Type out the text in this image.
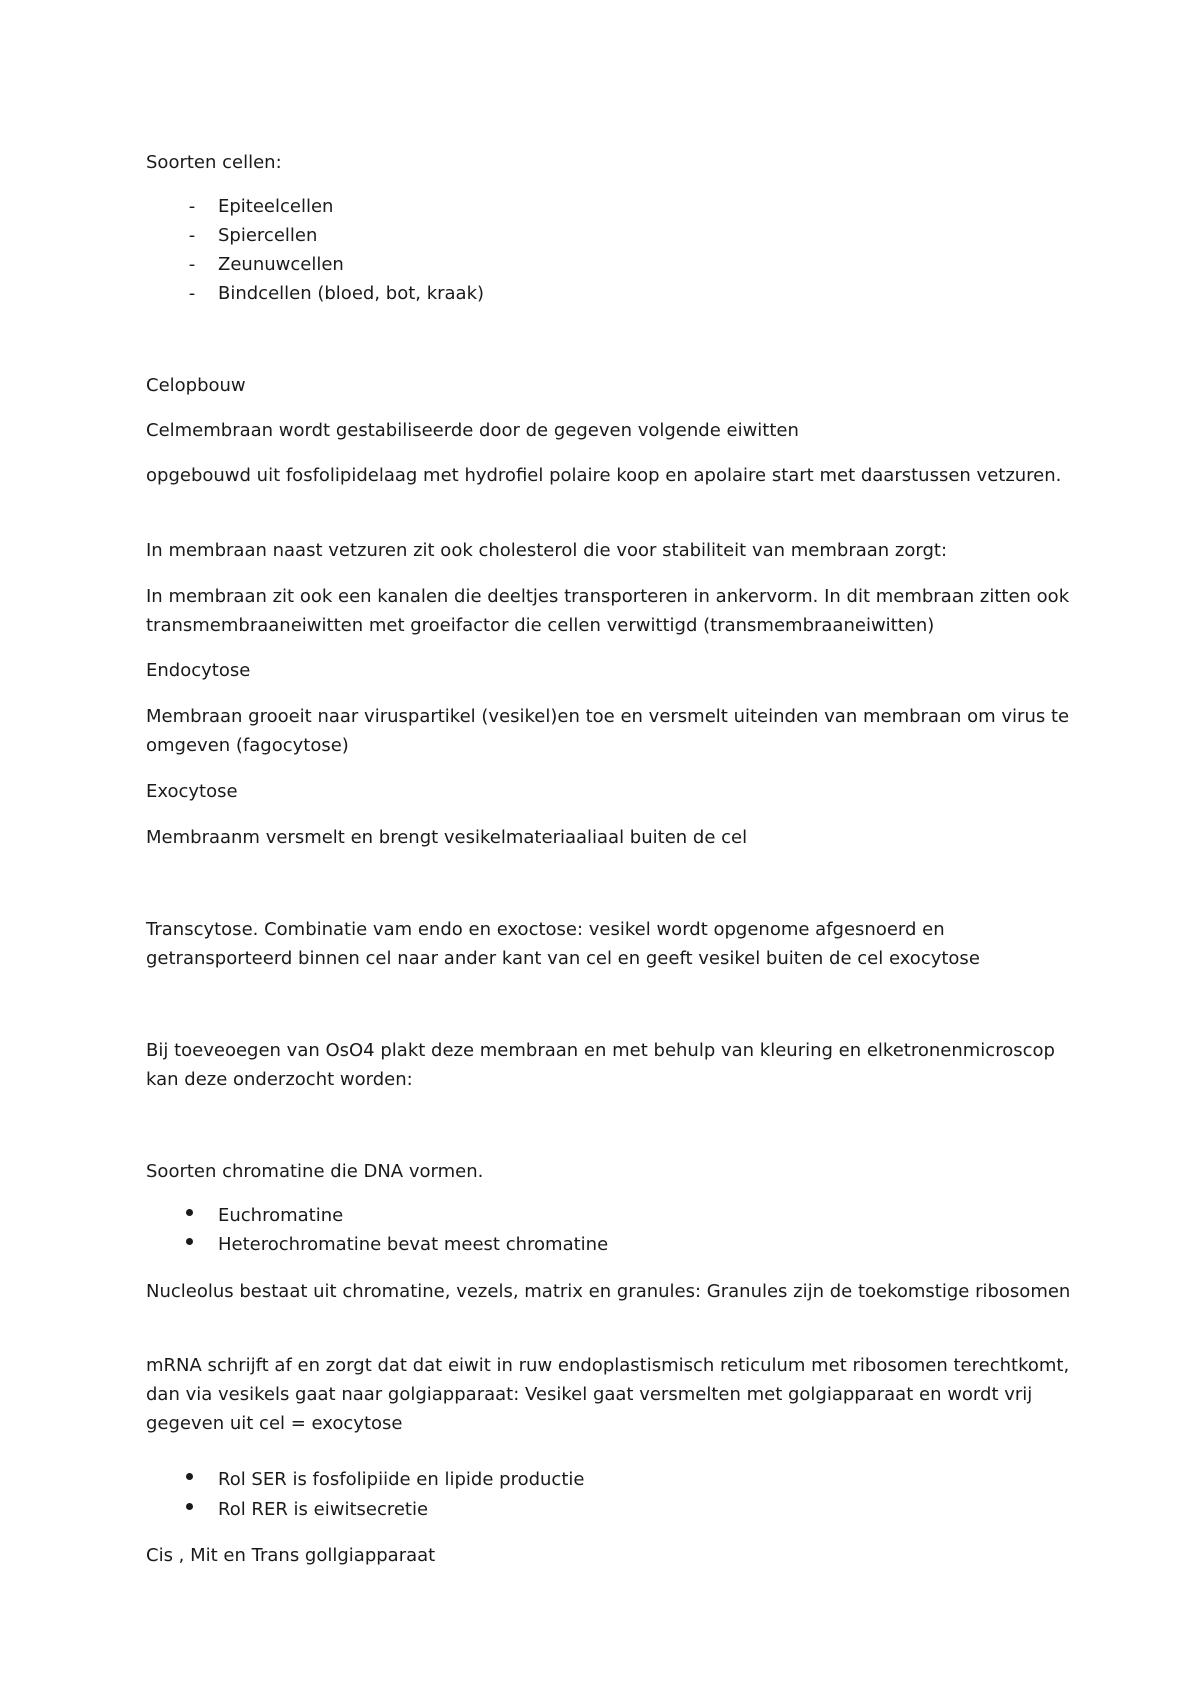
Soorten cellen:

-	Epiteelcellen
-	Spiercellen
-	Zeunuwcellen
-	Bindcellen (bloed, bot, kraak)

Celopbouw

Celmembraan wordt gestabiliseerde door de gegeven volgende eiwitten

opgebouwd uit fosfolipidelaag met hydrofiel polaire koop en apolaire start met daarstussen vetzuren.

In membraan naast vetzuren zit ook cholesterol die voor stabiliteit van membraan zorgt:

In membraan zit ook een kanalen die deeltjes transporteren in ankervorm. In dit membraan zitten ook transmembraaneiwitten met groeifactor die cellen verwittigd (transmembraaneiwitten)

Endocytose

Membraan grooeit naar viruspartikel (vesikel)en toe en versmelt uiteinden van membraan om virus te omgeven (fagocytose)

Exocytose

Membraanm versmelt en brengt vesikelmateriaaliaal buiten de cel

Transcytose. Combinatie vam endo en exoctose: vesikel wordt opgenome afgesnoerd en getransporteerd binnen cel naar ander kant van cel en geeft vesikel buiten de cel exocytose

Bij toeveoegen van OsO4 plakt deze membraan en met behulp van kleuring en elketronenmicroscop kan deze onderzocht worden:

Soorten chromatine die DNA vormen.

Euchromatine
Heterochromatine bevat meest chromatine

Nucleolus bestaat uit chromatine, vezels, matrix en granules: Granules zijn de toekomstige ribosomen

mRNA schrijft af en zorgt dat dat eiwit in ruw endoplastismisch reticulum met ribosomen terechtkomt, dan via vesikels gaat naar golgiapparaat: Vesikel gaat versmelten met golgiapparaat en wordt vrij gegeven uit cel = exocytose

Rol SER is fosfolipiide en lipide productie
Rol RER is eiwitsecretie

Cis , Mit en Trans gollgiapparaat
